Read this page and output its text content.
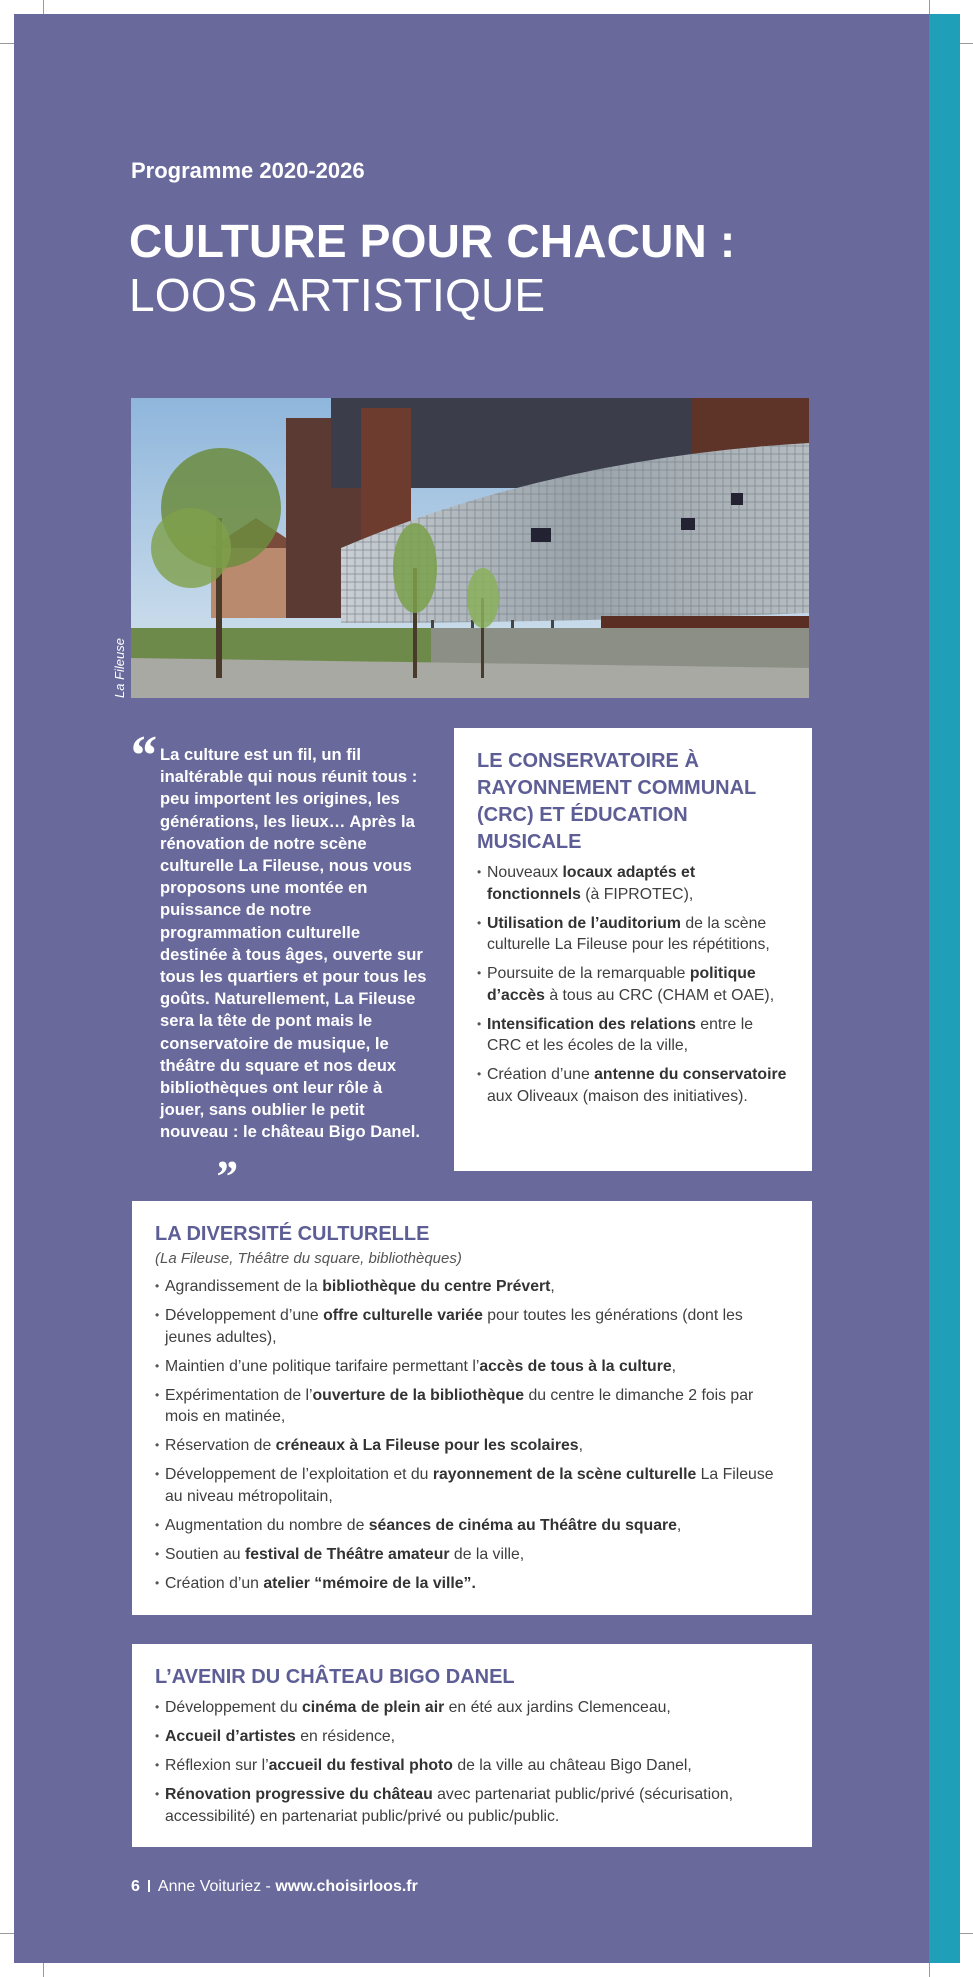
Programme 2020-2026
CULTURE POUR CHACUN :
LOOS ARTISTIQUE
La Fileuse
“ La culture est un fil, un fil inaltérable qui nous réunit tous : peu importent les origines, les générations, les lieux… Après la rénovation de notre scène culturelle La Fileuse, nous vous proposons une montée en puissance de notre programmation culturelle destinée à tous âges, ouverte sur tous les quartiers et pour tous les goûts. Naturellement, La Fileuse sera la tête de pont mais le conservatoire de musique, le théâtre du square et nos deux bibliothèques ont leur rôle à jouer, sans oublier le petit nouveau : le château Bigo Danel.
„
LE CONSERVATOIRE À RAYONNEMENT COMMUNAL (CRC) ET ÉDUCATION MUSICALE
• Nouveaux locaux adaptés et fonctionnels (à FIPROTEC),
• Utilisation de l’auditorium de la scène culturelle La Fileuse pour les répétitions,
• Poursuite de la remarquable politique d’accès à tous au CRC (CHAM et OAE),
• Intensification des relations entre le CRC et les écoles de la ville,
• Création d’une antenne du conservatoire aux Oliveaux (maison des initiatives).
LA DIVERSITÉ CULTURELLE
(La Fileuse, Théâtre du square, bibliothèques)
• Agrandissement de la bibliothèque du centre Prévert,
• Développement d’une offre culturelle variée pour toutes les générations (dont les jeunes adultes),
• Maintien d’une politique tarifaire permettant l’accès de tous à la culture,
• Expérimentation de l’ouverture de la bibliothèque du centre le dimanche 2 fois par mois en matinée,
• Réservation de créneaux à La Fileuse pour les scolaires,
• Développement de l’exploitation et du rayonnement de la scène culturelle La Fileuse au niveau métropolitain,
• Augmentation du nombre de séances de cinéma au Théâtre du square,
• Soutien au festival de Théâtre amateur de la ville,
• Création d’un atelier “mémoire de la ville”.
L’AVENIR DU CHÂTEAU BIGO DANEL
• Développement du cinéma de plein air en été aux jardins Clemenceau,
• Accueil d’artistes en résidence,
• Réflexion sur l’accueil du festival photo de la ville au château Bigo Danel,
• Rénovation progressive du château avec partenariat public/privé (sécurisation, accessibilité) en partenariat public/privé ou public/public.
6 Anne Voituriez - www.choisirloos.fr
